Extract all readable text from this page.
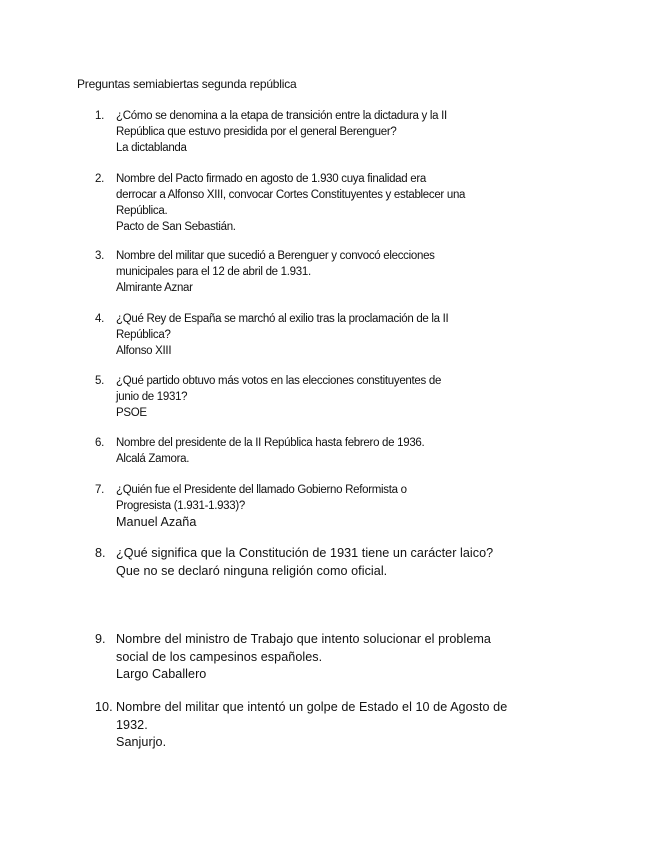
Preguntas semiabiertas segunda república
1.	¿Cómo se denomina a la etapa de transición entre la dictadura y la II
República que estuvo presidida por el general Berenguer?
La dictablanda
2.	Nombre del Pacto firmado en agosto de 1.930 cuya finalidad era
derrocar a Alfonso XIII, convocar Cortes Constituyentes y establecer una
República.
Pacto de San Sebastián.
3.	Nombre del militar que sucedió a Berenguer y convocó elecciones
municipales para el 12 de abril de 1.931.
Almirante Aznar
4.	¿Qué Rey de España se marchó al exilio tras la proclamación de la II
República?
Alfonso XIII
5.	¿Qué partido obtuvo más votos en las elecciones constituyentes de
junio de 1931?
PSOE
6.	Nombre del presidente de la II República hasta febrero de 1936.
Alcalá Zamora.
7.	¿Quién fue el Presidente del llamado Gobierno Reformista o
Progresista (1.931-1.933)?
Manuel Azaña
8. ¿Qué significa que la Constitución de 1931 tiene un carácter laico?
Que no se declaró ninguna religión como oficial.
9. Nombre del ministro de Trabajo que intento solucionar el problema
social de los campesinos españoles.
Largo Caballero
10. Nombre del militar que intentó un golpe de Estado el 10 de Agosto de
1932.
Sanjurjo.
